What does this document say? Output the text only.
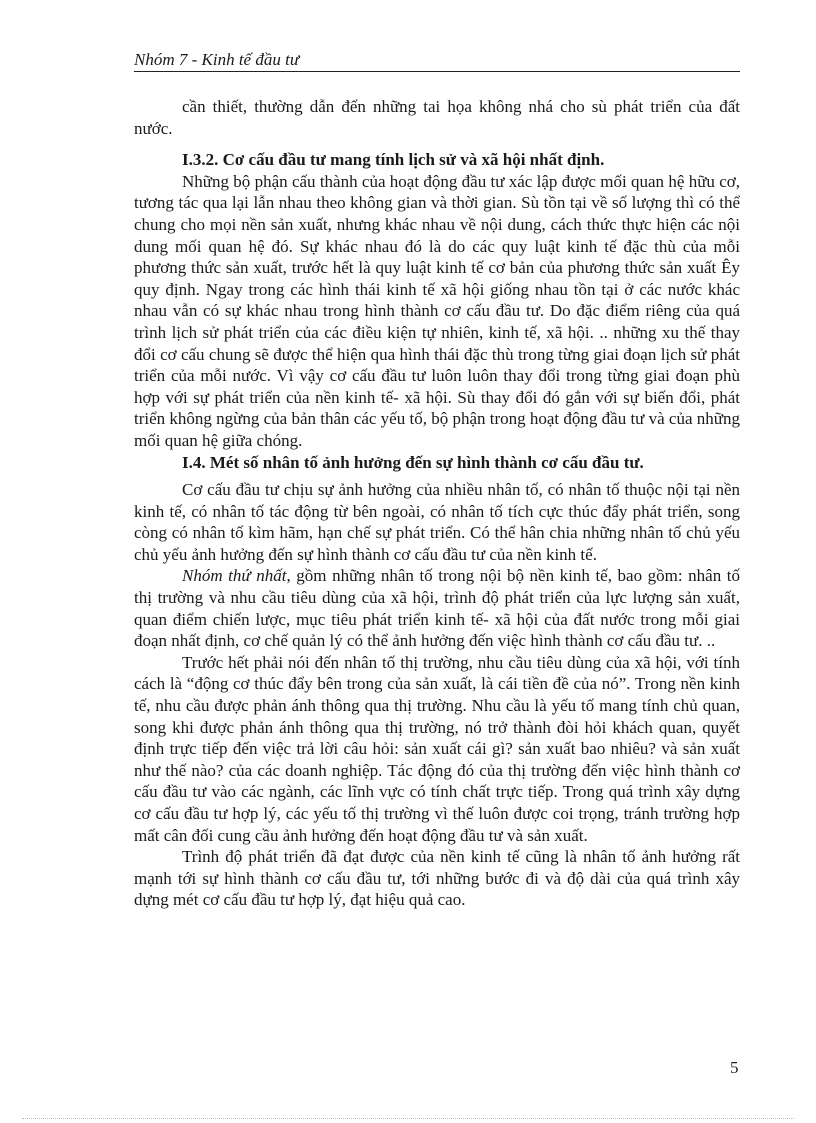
Nhóm 7 - Kinh tế đầu tư

cần thiết, thường dẫn đến những tai họa không nhá cho sù phát triển của đất nước.

I.3.2. Cơ cấu đầu tư mang tính lịch sử và xã hội nhất định.

Những bộ phận cấu thành của hoạt động đầu tư xác lập được mối quan hệ hữu cơ, tương tác qua lại lẫn nhau theo không gian và thời gian. Sù tồn tại về số lượng thì có thể chung cho mọi nền sản xuất, nhưng khác nhau về nội dung, cách thức thực hiện các nội dung mối quan hệ đó. Sự khác nhau đó là do các quy luật kinh tế đặc thù của mỗi phương thức sản xuất, trước hết là quy luật kinh tế cơ bản của phương thức sản xuất Êy quy định. Ngay trong các hình thái kinh tế xã hội giống nhau tồn tại ở các nước khác nhau vẫn có sự khác nhau trong hình thành cơ cấu đầu tư. Do đặc điểm riêng của quá trình lịch sử phát triển của các điều kiện tự nhiên, kinh tế, xã hội. .. những xu thế thay đổi cơ cấu chung sẽ được thể hiện qua hình thái đặc thù trong từng giai đoạn lịch sử phát triển của mỗi nước. Vì vậy cơ cấu đầu tư luôn luôn thay đổi trong từng giai đoạn phù hợp với sự phát triển của nền kinh tế- xã hội. Sù thay đổi đó gắn với sự biến đổi, phát triển không ngừng của bản thân các yếu tố, bộ phận trong hoạt động đầu tư và của những mối quan hệ giữa chóng.

I.4. Mét số nhân tố ảnh hưởng đến sự hình thành cơ cấu đầu tư.

Cơ cấu đầu tư chịu sự ảnh hưởng của nhiều nhân tố, có nhân tố thuộc nội tại nền kinh tế, có nhân tố tác động từ bên ngoài, có nhân tố tích cực thúc đẩy phát triển, song còng có nhân tố kìm hãm, hạn chế sự phát triển. Có thể hân chia những nhân tố chủ yếu chủ yếu ảnh hưởng đến sự hình thành cơ cấu đầu tư của nền kinh tế.

Nhóm thứ nhất, gồm những nhân tố trong nội bộ nền kinh tế, bao gồm: nhân tố thị trường và nhu cầu tiêu dùng của xã hội, trình độ phát triển của lực lượng sản xuất, quan điểm chiến lược, mục tiêu phát triển kinh tế- xã hội của đất nước trong mỗi giai đoạn nhất định, cơ chế quản lý có thể ảnh hưởng đến việc hình thành cơ cấu đầu tư. ..

Trước hết phải nói đến nhân tố thị trường, nhu cầu tiêu dùng của xã hội, với tính cách là “động cơ thúc đẩy bên trong của sản xuất, là cái tiền đề của nó”. Trong nền kinh tế, nhu cầu được phản ánh thông qua thị trường. Nhu cầu là yếu tố mang tính chủ quan, song khi được phản ánh thông qua thị trường, nó trở thành đòi hỏi khách quan, quyết định trực tiếp đến việc trả lời câu hỏi: sản xuất cái gì? sản xuất bao nhiêu? và sản xuất như thế nào? của các doanh nghiệp. Tác động đó của thị trường đến việc hình thành cơ cấu đầu tư vào các ngành, các lĩnh vực có tính chất trực tiếp. Trong quá trình xây dựng cơ cấu đầu tư hợp lý, các yếu tố thị trường vì thế luôn được coi trọng, tránh trường hợp mất cân đối cung cầu ảnh hưởng đến hoạt động đầu tư và sản xuất.

Trình độ phát triển đã đạt được của nền kinh tế cũng là nhân tố ảnh hưởng rất mạnh tới sự hình thành cơ cấu đầu tư, tới những bước đi và độ dài của quá trình xây dựng mét cơ cấu đầu tư hợp lý, đạt hiệu quả cao.

5
